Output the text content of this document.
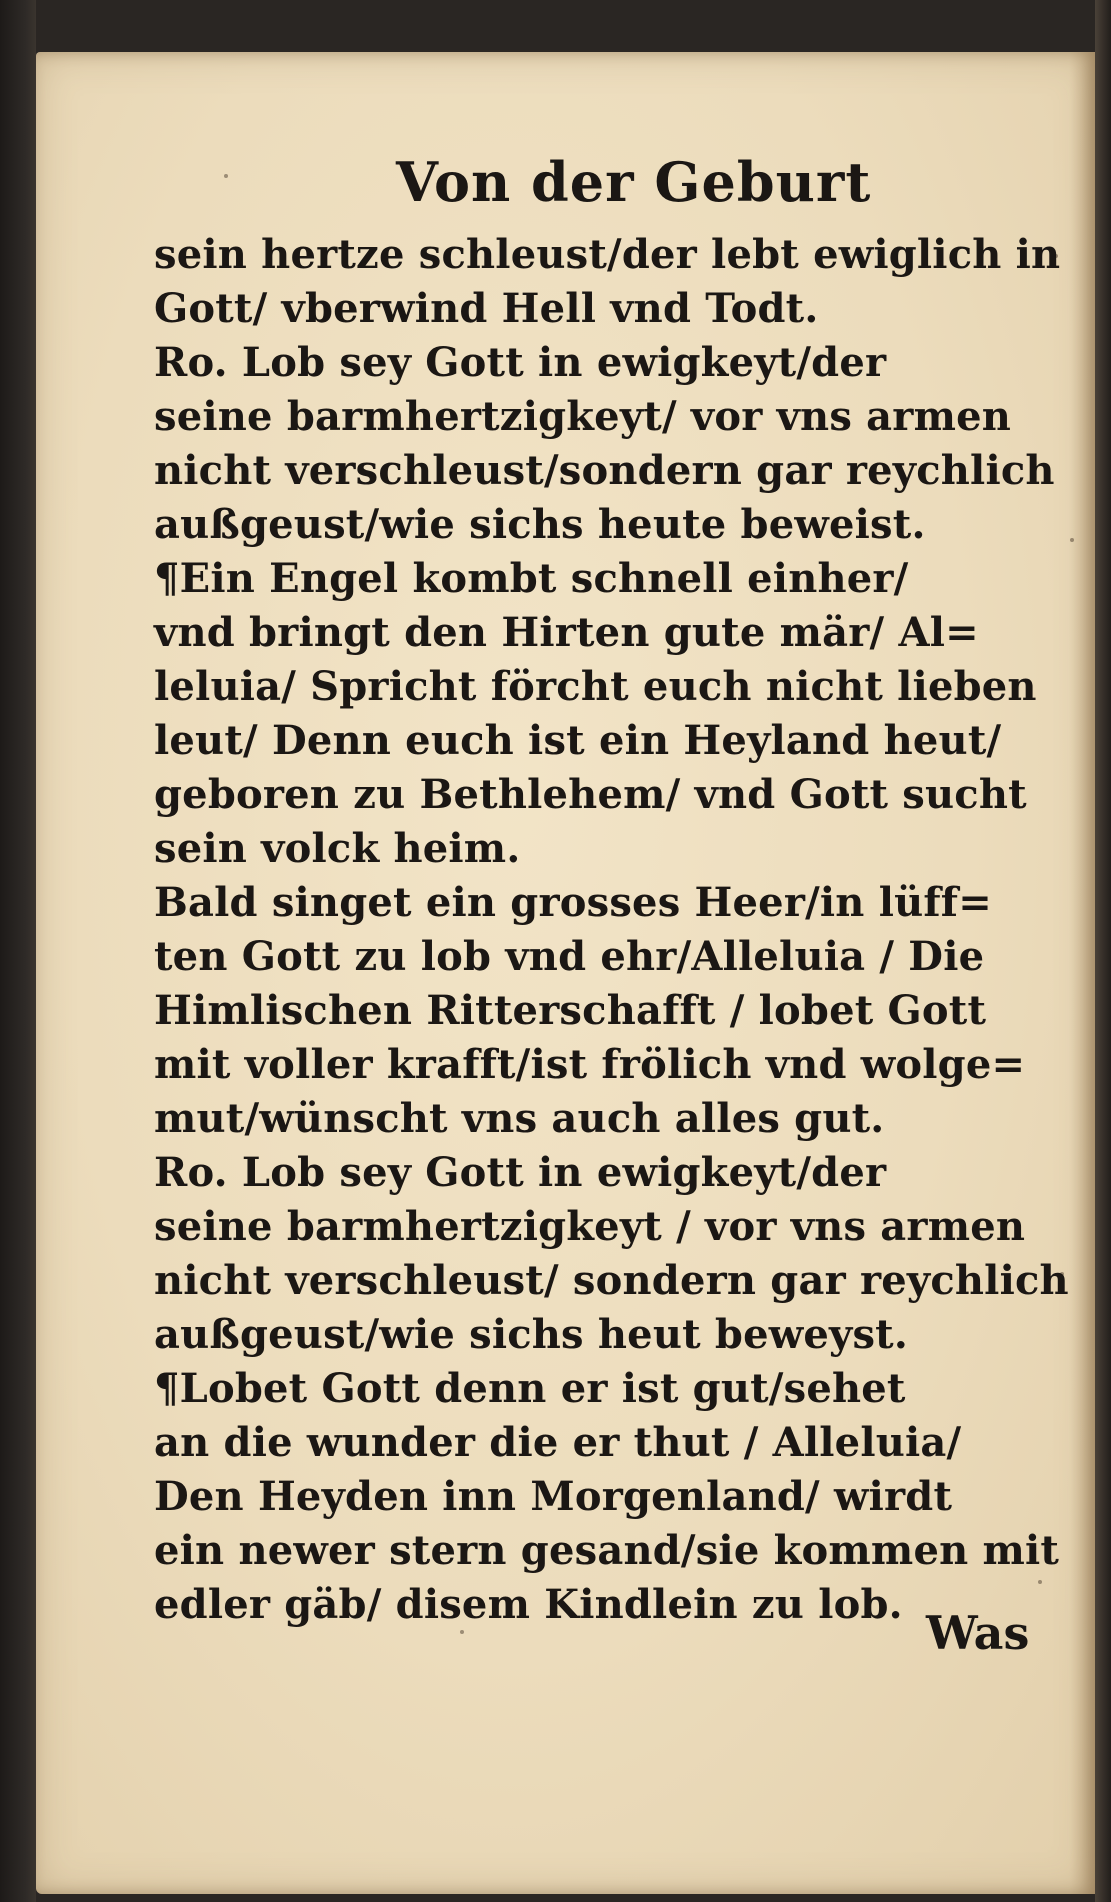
Von der Geburt
sein hertze schleust/der lebt ewiglich in
Gott/ vberwind Hell vnd Todt.
Ro. Lob sey Gott in ewigkeyt/der
seine barmhertzigkeyt/ vor vns armen
nicht verschleust/sondern gar reychlich
außgeust/wie sichs heute beweist.
¶Ein Engel kombt schnell einher/
vnd bringt den Hirten gute mär/ Al=
leluia/ Spricht förcht euch nicht lieben
leut/ Denn euch ist ein Heyland heut/
geboren zu Bethlehem/ vnd Gott sucht
sein volck heim.
Bald singet ein grosses Heer/in lüff=
ten Gott zu lob vnd ehr/Alleluia / Die
Himlischen Ritterschafft / lobet Gott
mit voller krafft/ist frölich vnd wolge=
mut/wünscht vns auch alles gut.
Ro. Lob sey Gott in ewigkeyt/der
seine barmhertzigkeyt / vor vns armen
nicht verschleust/ sondern gar reychlich
außgeust/wie sichs heut beweyst.
¶Lobet Gott denn er ist gut/sehet
an die wunder die er thut / Alleluia/
Den Heyden inn Morgenland/ wirdt
ein newer stern gesand/sie kommen mit
edler gäb/ disem Kindlein zu lob.
Was
